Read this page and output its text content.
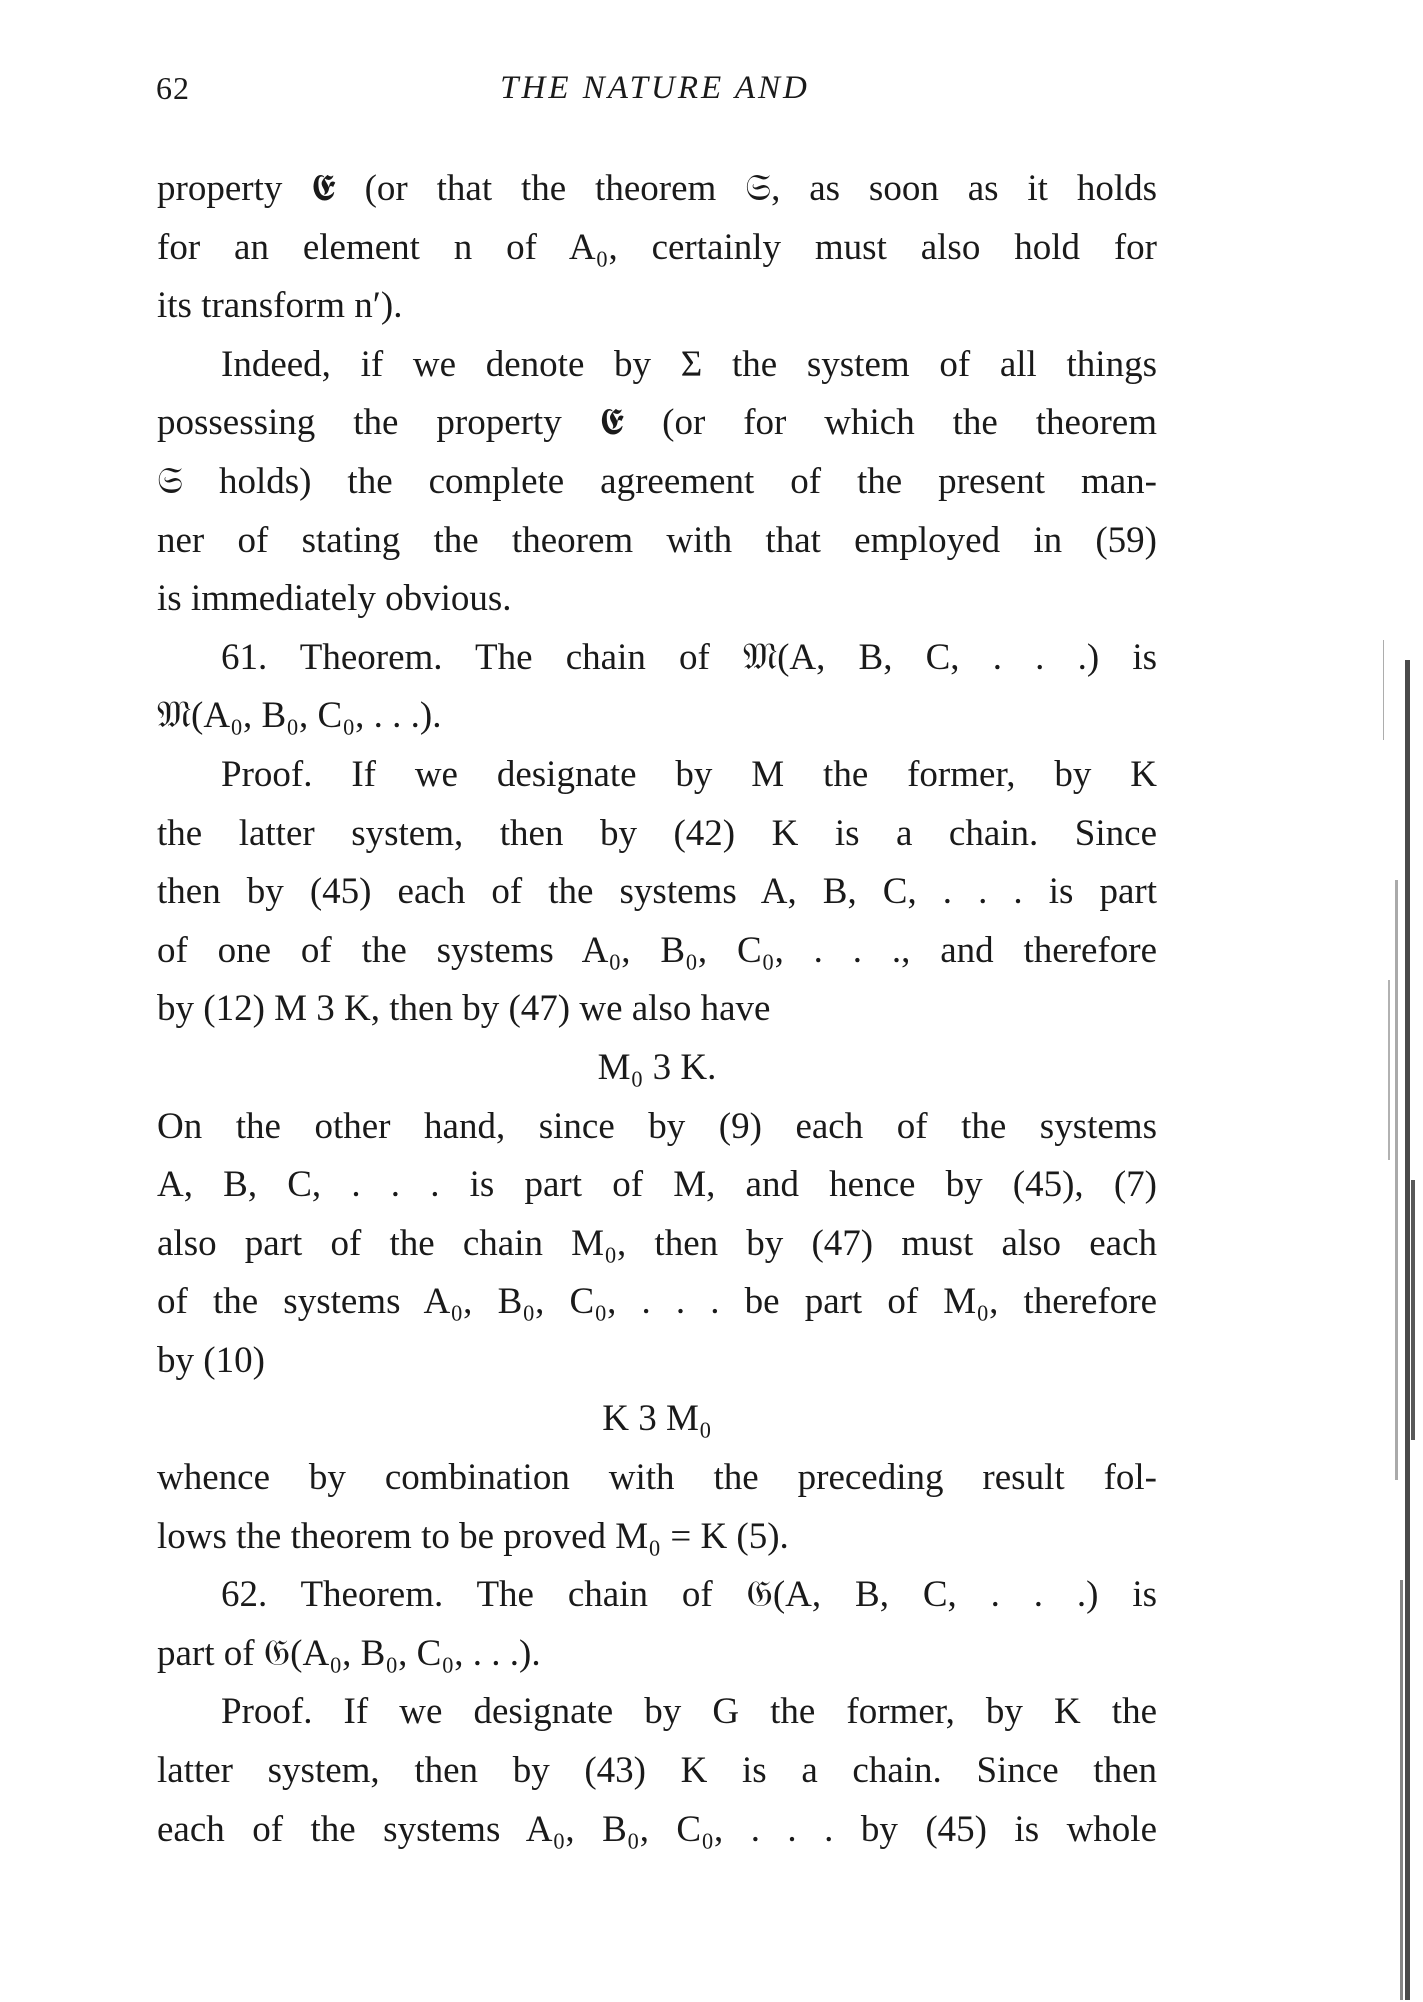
62	THE NATURE AND
property 𝕰 (or that the theorem 𝔖, as soon as it holds
for an element n of A₀, certainly must also hold for
its transform n′).
Indeed, if we denote by Σ the system of all things
possessing the property 𝕰 (or for which the theorem
𝔖 holds) the complete agreement of the present man-
ner of stating the theorem with that employed in (59)
is immediately obvious.
61. Theorem. The chain of 𝔐(A, B, C, . . .) is
𝔐(A₀, B₀, C₀, . . .).
Proof. If we designate by M the former, by K
the latter system, then by (42) K is a chain. Since
then by (45) each of the systems A, B, C, . . . is part
of one of the systems A₀, B₀, C₀, . . ., and therefore
by (12) M 3 K, then by (47) we also have
M₀ 3 K.
On the other hand, since by (9) each of the systems
A, B, C, . . . is part of M, and hence by (45), (7)
also part of the chain M₀, then by (47) must also each
of the systems A₀, B₀, C₀, . . . be part of M₀, therefore
by (10)
K 3 M₀
whence by combination with the preceding result fol-
lows the theorem to be proved M₀ = K (5).
62. Theorem. The chain of 𝔊(A, B, C, . . .) is
part of 𝔊(A₀, B₀, C₀, . . .).
Proof. If we designate by G the former, by K the
latter system, then by (43) K is a chain. Since then
each of the systems A₀, B₀, C₀, . . . by (45) is whole
